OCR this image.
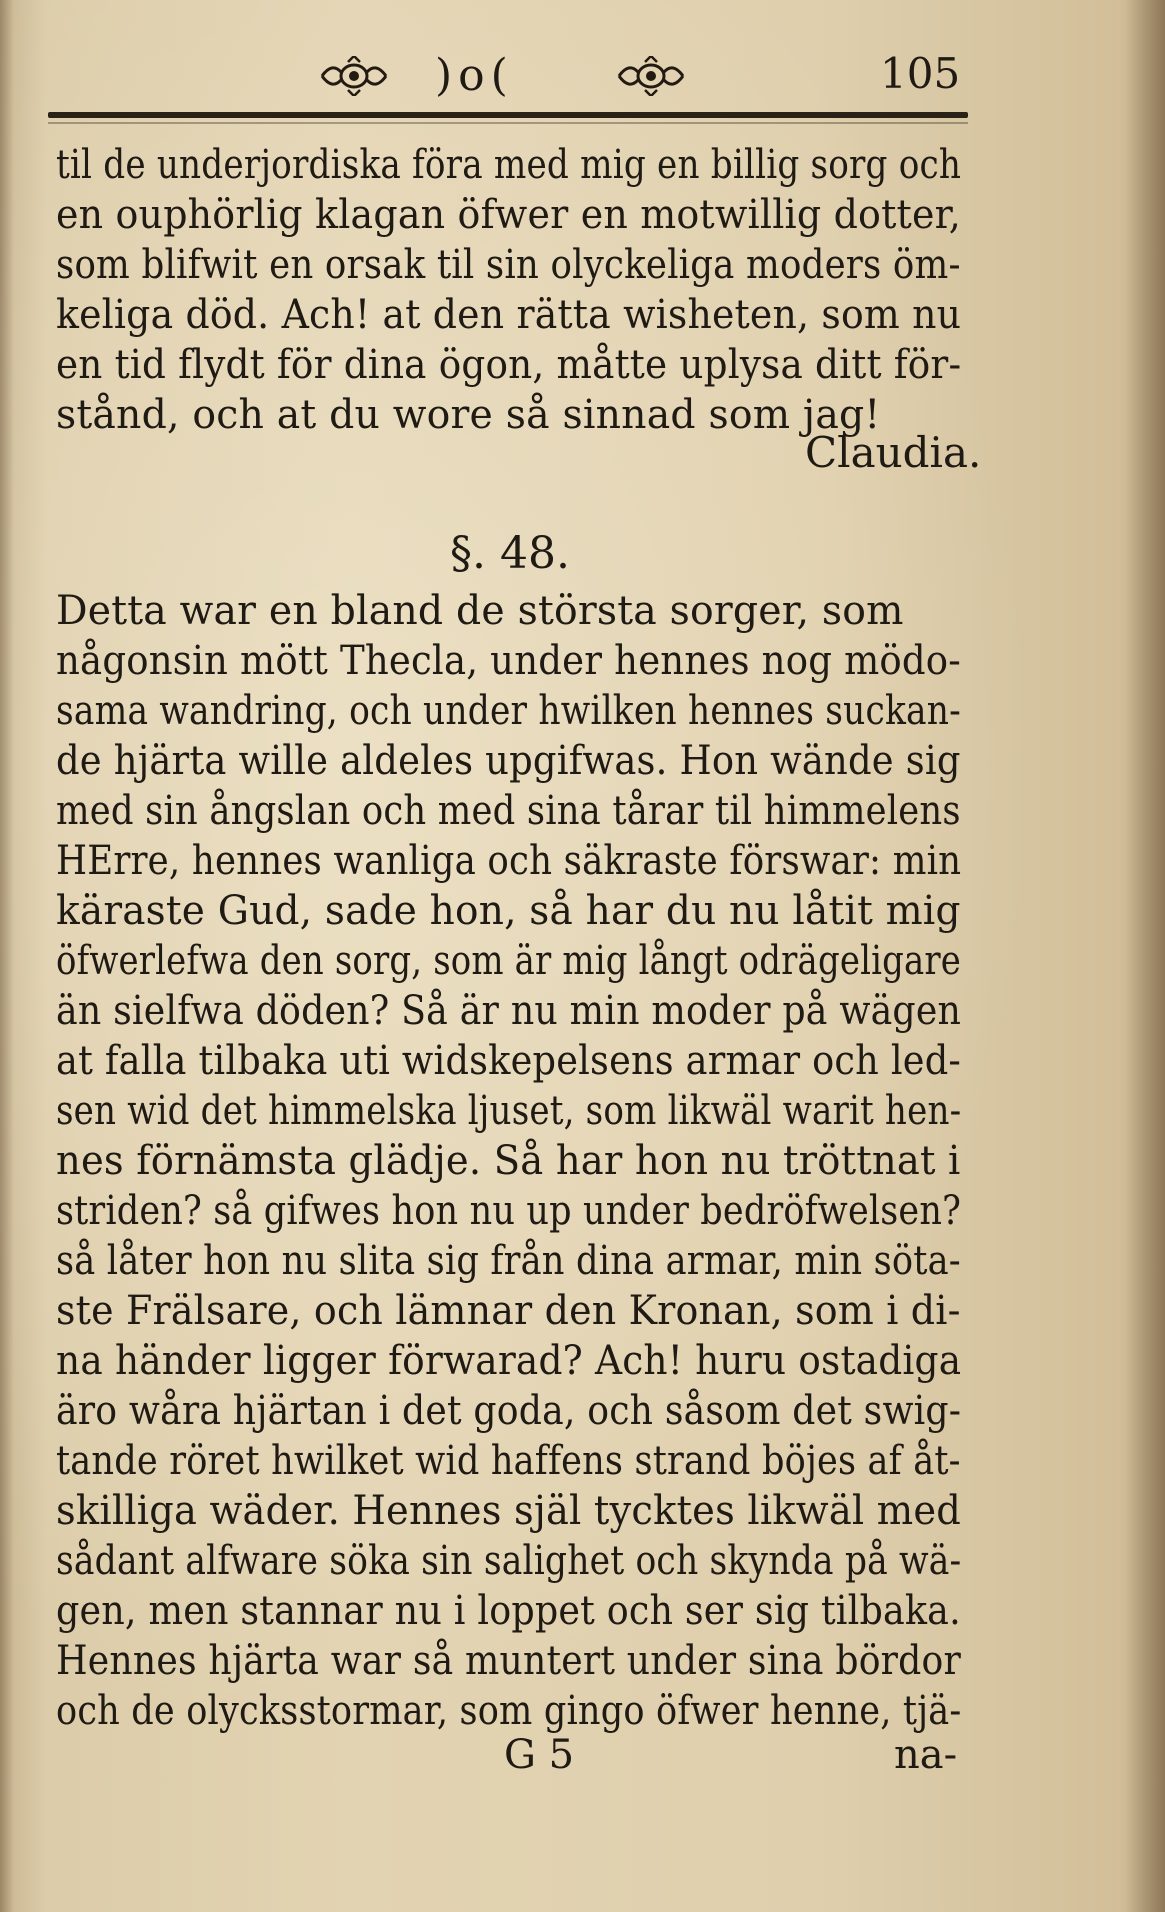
)o(	105
til de underjordiska föra med mig en billig sorg och
en ouphörlig klagan öfwer en motwillig dotter,
som blifwit en orsak til sin olyckeliga moders öm-
keliga död. Ach! at den rätta wisheten, som nu
en tid flydt för dina ögon, måtte uplysa ditt för-
stånd, och at du wore så sinnad som jag!
Claudia.
§. 48.
Detta war en bland de största sorger, som
någonsin mött Thecla, under hennes nog mödo-
sama wandring, och under hwilken hennes suckan-
de hjärta wille aldeles upgifwas. Hon wände sig
med sin ångslan och med sina tårar til himmelens
HErre, hennes wanliga och säkraste förswar: min
käraste Gud, sade hon, så har du nu låtit mig
öfwerlefwa den sorg, som är mig långt odrägeligare
än sielfwa döden? Så är nu min moder på wägen
at falla tilbaka uti widskepelsens armar och led-
sen wid det himmelska ljuset, som likwäl warit hen-
nes förnämsta glädje. Så har hon nu tröttnat i
striden? så gifwes hon nu up under bedröfwelsen?
så låter hon nu slita sig från dina armar, min söta-
ste Frälsare, och lämnar den Kronan, som i di-
na händer ligger förwarad? Ach! huru ostadiga
äro wåra hjärtan i det goda, och såsom det swig-
tande röret hwilket wid haffens strand böjes af åt-
skilliga wäder. Hennes själ tycktes likwäl med
sådant alfware söka sin salighet och skynda på wä-
gen, men stannar nu i loppet och ser sig tilbaka.
Hennes hjärta war så muntert under sina bördor
och de olycksstormar, som gingo öfwer henne, tjä-
G 5	na-
